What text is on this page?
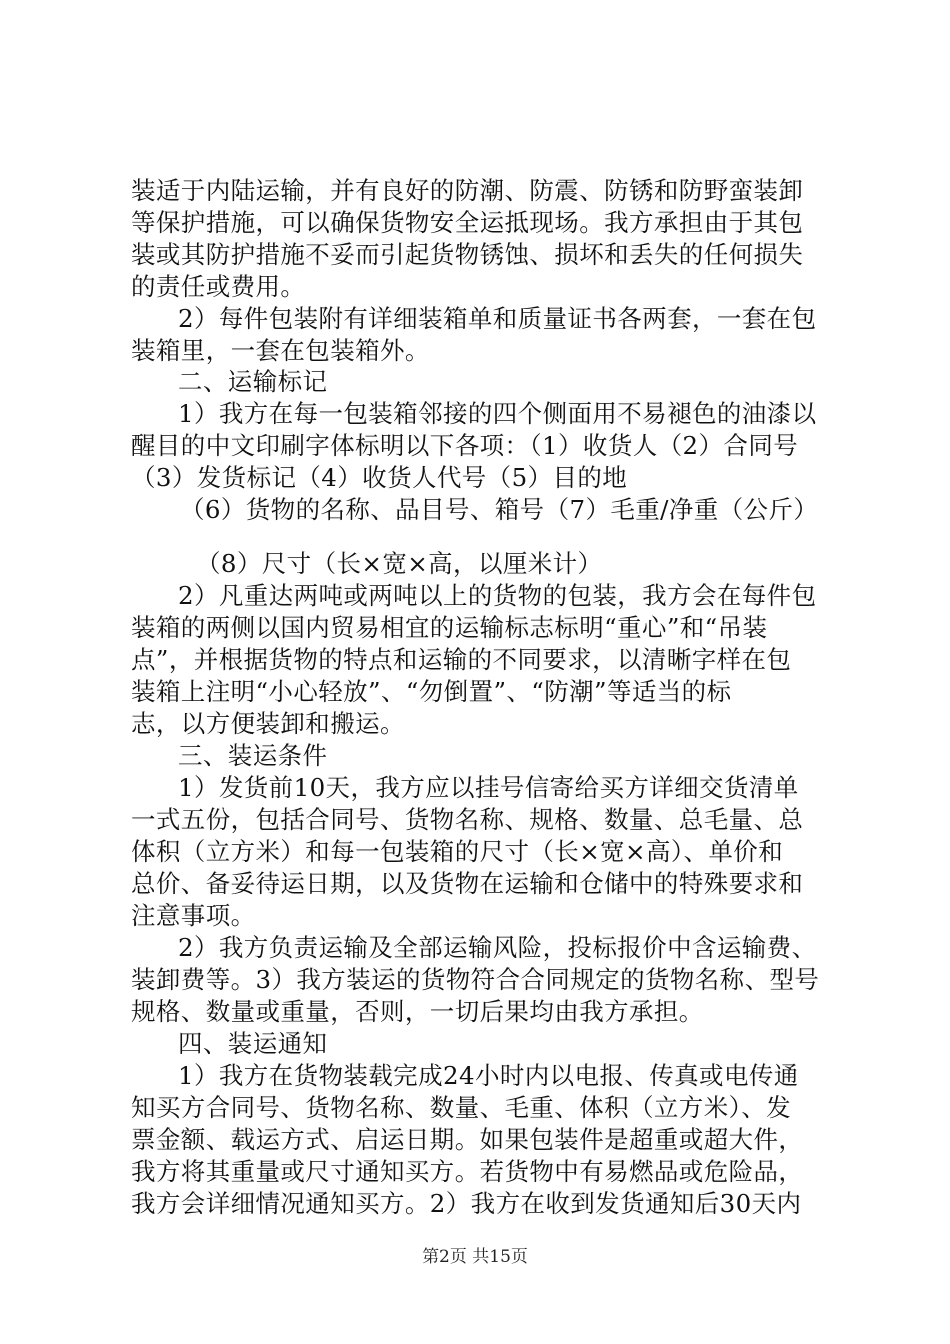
装适于内陆运输，并有良好的防潮、防震、防锈和防野蛮装卸
等保护措施，可以确保货物安全运抵现场。我方承担由于其包
装或其防护措施不妥而引起货物锈蚀、损坏和丢失的任何损失
的责任或费用。
2）每件包装附有详细装箱单和质量证书各两套，一套在包
装箱里，一套在包装箱外。
二、运输标记
1）我方在每一包装箱邻接的四个侧面用不易褪色的油漆以
醒目的中文印刷字体标明以下各项：（1）收货人（2）合同号
（3）发货标记（4）收货人代号（5）目的地
（6）货物的名称、品目号、箱号（7）毛重/净重（公斤）
（8）尺寸（长×宽×高，以厘米计）
2）凡重达两吨或两吨以上的货物的包装，我方会在每件包
装箱的两侧以国内贸易相宜的运输标志标明“重心”和“吊装
点”，并根据货物的特点和运输的不同要求，以清晰字样在包
装箱上注明“小心轻放”、“勿倒置”、“防潮”等适当的标
志，以方便装卸和搬运。
三、装运条件
1）发货前10天，我方应以挂号信寄给买方详细交货清单
一式五份，包括合同号、货物名称、规格、数量、总毛量、总
体积（立方米）和每一包装箱的尺寸（长×宽×高）、单价和
总价、备妥待运日期，以及货物在运输和仓储中的特殊要求和
注意事项。
2）我方负责运输及全部运输风险，投标报价中含运输费、
装卸费等。3）我方装运的货物符合合同规定的货物名称、型号
规格、数量或重量，否则，一切后果均由我方承担。
四、装运通知
1）我方在货物装载完成24小时内以电报、传真或电传通
知买方合同号、货物名称、数量、毛重、体积（立方米）、发
票金额、载运方式、启运日期。如果包装件是超重或超大件，
我方将其重量或尺寸通知买方。若货物中有易燃品或危险品，
我方会详细情况通知买方。2）我方在收到发货通知后30天内
第2页 共15页
